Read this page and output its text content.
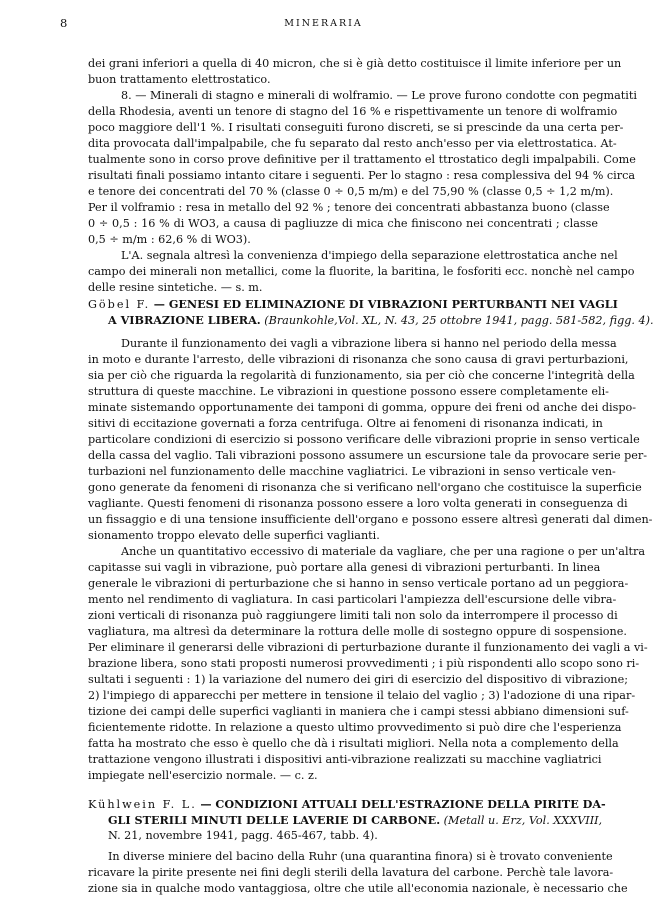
8	MINERARIA
dei grani inferiori a quella di 40 micron, che si è già detto costituisce il limite inferiore per un
buon trattamento elettrostatico.
8. — Minerali di stagno e minerali di wolframio. — Le prove furono condotte con pegmatiti
della Rhodesia, aventi un tenore di stagno del 16 % e rispettivamente un tenore di wolframio
poco maggiore dell'1 %. I risultati conseguiti furono discreti, se si prescinde da una certa per-
dita provocata dall'impalpabile, che fu separato dal resto anch'esso per via elettrostatica. At-
tualmente sono in corso prove definitive per il trattamento el ttrostatico degli impalpabili. Come
risultati finali possiamo intanto citare i seguenti. Per lo stagno : resa complessiva del 94 % circa
e tenore dei concentrati del 70 % (classe 0 ÷ 0,5 m/m) e del 75,90 % (classe 0,5 ÷ 1,2 m/m).
Per il volframio : resa in metallo del 92 % ; tenore dei concentrati abbastanza buono (classe
0 ÷ 0,5 : 16 % di WO3, a causa di pagliuzze di mica che finiscono nei concentrati ; classe
0,5 ÷ m/m : 62,6 % di WO3).
L'A. segnala altresì la convenienza d'impiego della separazione elettrostatica anche nel
campo dei minerali non metallici, come la fluorite, la baritina, le fosforiti ecc. nonchè nel campo
delle resine sintetiche. — s. m.
Göbel F. — GENESI ED ELIMINAZIONE DI VIBRAZIONI PERTURBANTI NEI VAGLI
A VIBRAZIONE LIBERA. (Braunkohle,Vol. XL, N. 43, 25 ottobre 1941, pagg. 581-582, figg. 4).
Durante il funzionamento dei vagli a vibrazione libera si hanno nel periodo della messa
in moto e durante l'arresto, delle vibrazioni di risonanza che sono causa di gravi perturbazioni,
sia per ciò che riguarda la regolarità di funzionamento, sia per ciò che concerne l'integrità della
struttura di queste macchine. Le vibrazioni in questione possono essere completamente eli-
minate sistemando opportunamente dei tamponi di gomma, oppure dei freni od anche dei dispo-
sitivi di eccitazione governati a forza centrifuga. Oltre ai fenomeni di risonanza indicati, in
particolare condizioni di esercizio si possono verificare delle vibrazioni proprie in senso verticale
della cassa del vaglio. Tali vibrazioni possono assumere un escursione tale da provocare serie per-
turbazioni nel funzionamento delle macchine vagliatrici. Le vibrazioni in senso verticale ven-
gono generate da fenomeni di risonanza che si verificano nell'organo che costituisce la superficie
vagliante. Questi fenomeni di risonanza possono essere a loro volta generati in conseguenza di
un fissaggio e di una tensione insufficiente dell'organo e possono essere altresì generati dal dimen-
sionamento troppo elevato delle superfici vaglianti.
Anche un quantitativo eccessivo di materiale da vagliare, che per una ragione o per un'altra
capitasse sui vagli in vibrazione, può portare alla genesi di vibrazioni perturbanti. In linea
generale le vibrazioni di perturbazione che si hanno in senso verticale portano ad un peggiora-
mento nel rendimento di vagliatura. In casi particolari l'ampiezza dell'escursione delle vibra-
zioni verticali di risonanza può raggiungere limiti tali non solo da interrompere il processo di
vagliatura, ma altresì da determinare la rottura delle molle di sostegno oppure di sospensione.
Per eliminare il generarsi delle vibrazioni di perturbazione durante il funzionamento dei vagli a vi-
brazione libera, sono stati proposti numerosi provvedimenti ; i più rispondenti allo scopo sono ri-
sultati i seguenti : 1) la variazione del numero dei giri di esercizio del dispositivo di vibrazione;
2) l'impiego di apparecchi per mettere in tensione il telaio del vaglio ; 3) l'adozione di una ripar-
tizione dei campi delle superfici vaglianti in maniera che i campi stessi abbiano dimensioni suf-
ficientemente ridotte. In relazione a questo ultimo provvedimento si può dire che l'esperienza
fatta ha mostrato che esso è quello che dà i risultati migliori. Nella nota a complemento della
trattazione vengono illustrati i dispositivi anti-vibrazione realizzati su macchine vagliatrici
impiegate nell'esercizio normale. — c. z.
Kühlwein F. L. — CONDIZIONI ATTUALI DELL'ESTRAZIONE DELLA PIRITE DA-
GLI STERILI MINUTI DELLE LAVERIE DI CARBONE. (Metall u. Erz, Vol. XXXVIII,
N. 21, novembre 1941, pagg. 465-467, tabb. 4).
In diverse miniere del bacino della Ruhr (una quarantina finora) si è trovato conveniente
ricavare la pirite presente nei fini degli sterili della lavatura del carbone. Perchè tale lavora-
zione sia in qualche modo vantaggiosa, oltre che utile all'economia nazionale, è necessario che
